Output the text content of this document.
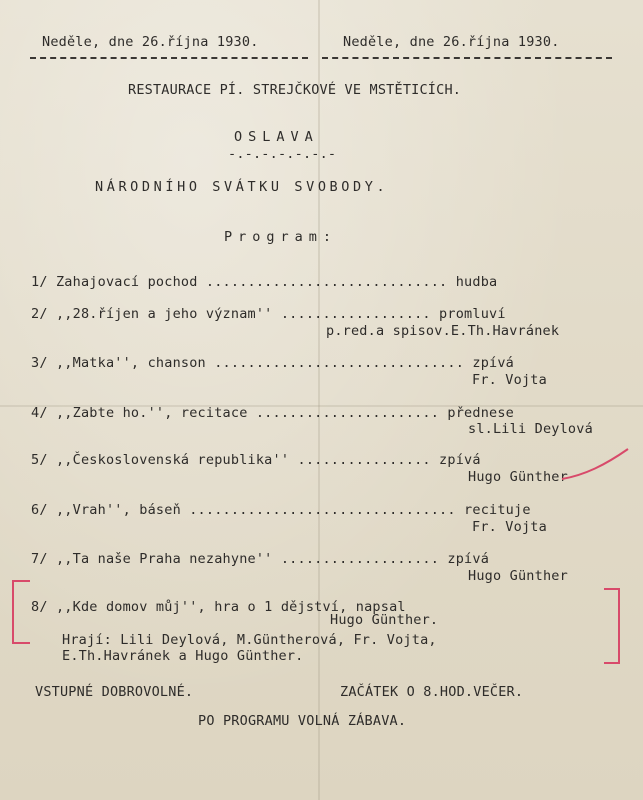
Neděle, dne 26.října 1930.	Neděle, dne 26.října 1930.
RESTAURACE PÍ. STREJČKOVÉ VE MSTĚTICÍCH.
OSLAVA
-.-.-.-.-.-.-
NÁRODNÍHO SVÁTKU SVOBODY.
Program:
1/ Zahajovací pochod ............................. hudba
2/ ,,28.říjen a jeho význam'' .................. promluví
p.red.a spisov.E.Th.Havránek
3/ ,,Matka'', chanson .............................. zpívá
Fr. Vojta
4/ ,,Zabte ho.'', recitace ...................... přednese
sl.Lili Deylová
5/ ,,Československá republika'' ................ zpívá
Hugo Günther
6/ ,,Vrah'', báseň ................................ recituje
Fr. Vojta
7/ ,,Ta naše Praha nezahyne'' ................... zpívá
Hugo Günther
8/ ,,Kde domov můj'', hra o 1 dějství, napsal
Hugo Günther.
Hrají: Lili Deylová, M.Güntherová, Fr. Vojta,
E.Th.Havránek a Hugo Günther.
VSTUPNÉ DOBROVOLNÉ.	ZAČÁTEK O 8.HOD.VEČER.
PO PROGRAMU VOLNÁ ZÁBAVA.
